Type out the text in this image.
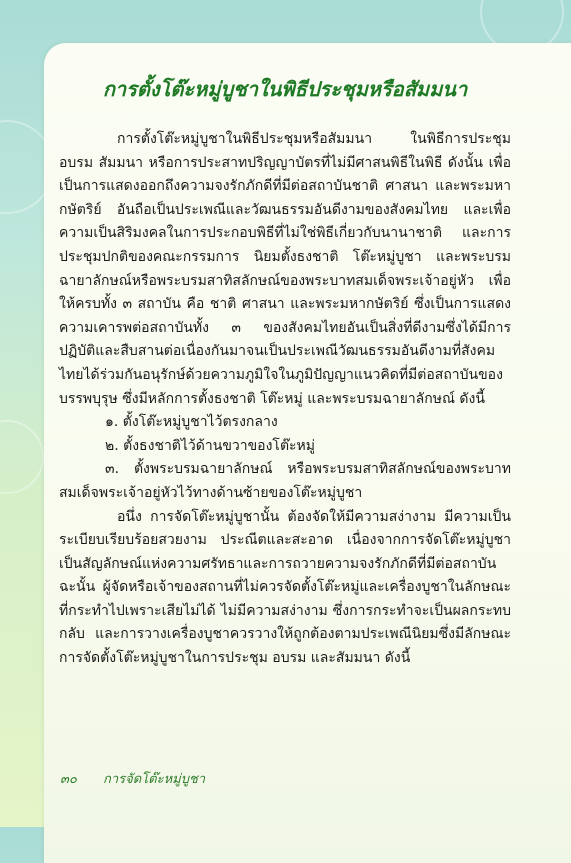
การตั้งโต๊ะหมู่บูชาในพิธีประชุมหรือสัมมนา

การตั้งโต๊ะหมู่บูชาในพิธีประชุมหรือสัมมนา ในพิธีการประชุม อบรม สัมมนา หรือการประสาทปริญญาบัตรที่ไม่มีศาสนพิธีในพิธี ดังนั้น เพื่อเป็นการแสดงออกถึงความจงรักภักดีที่มีต่อสถาบันชาติ ศาสนา และพระมหากษัตริย์ อันถือเป็นประเพณีและวัฒนธรรมอันดีงามของสังคมไทย และเพื่อความเป็นสิริมงคลในการประกอบพิธีที่ไม่ใช่พิธีเกี่ยวกับนานาชาติ และการประชุมปกติของคณะกรรมการ นิยมตั้งธงชาติ โต๊ะหมู่บูชา และพระบรมฉายาลักษณ์หรือพระบรมสาทิสลักษณ์ของพระบาทสมเด็จพระเจ้าอยู่หัว เพื่อให้ครบทั้ง ๓ สถาบัน คือ ชาติ ศาสนา และพระมหากษัตริย์ ซึ่งเป็นการแสดงความเคารพต่อสถาบันทั้ง ๓ ของสังคมไทยอันเป็นสิ่งที่ดีงามซึ่งได้มีการปฏิบัติและสืบสานต่อเนื่องกันมาจนเป็นประเพณีวัฒนธรรมอันดีงามที่สังคมไทยได้ร่วมกันอนุรักษ์ด้วยความภูมิใจในภูมิปัญญาแนวคิดที่มีต่อสถาบันของบรรพบุรุษ ซึ่งมีหลักการตั้งธงชาติ โต๊ะหมู่ และพระบรมฉายาลักษณ์ ดังนี้

๑. ตั้งโต๊ะหมู่บูชาไว้ตรงกลาง

๒. ตั้งธงชาติไว้ด้านขวาของโต๊ะหมู่

๓. ตั้งพระบรมฉายาลักษณ์ หรือพระบรมสาทิสลักษณ์ของพระบาทสมเด็จพระเจ้าอยู่หัวไว้ทางด้านซ้ายของโต๊ะหมู่บูชา

อนึ่ง การจัดโต๊ะหมู่บูชานั้น ต้องจัดให้มีความสง่างาม มีความเป็นระเบียบเรียบร้อยสวยงาม ประณีตและสะอาด เนื่องจากการจัดโต๊ะหมู่บูชาเป็นสัญลักษณ์แห่งความศรัทธาและการถวายความจงรักภักดีที่มีต่อสถาบัน ฉะนั้น ผู้จัดหรือเจ้าของสถานที่ไม่ควรจัดตั้งโต๊ะหมู่และเครื่องบูชาในลักษณะที่กระทำไปเพราะเสียไม่ได้ ไม่มีความสง่างาม ซึ่งการกระทำจะเป็นผลกระทบกลับ และการวางเครื่องบูชาควรวางให้ถูกต้องตามประเพณีนิยมซึ่งมีลักษณะการจัดตั้งโต๊ะหมู่บูชาในการประชุม อบรม และสัมมนา ดังนี้

๓๐ การจัดโต๊ะหมู่บูชา
